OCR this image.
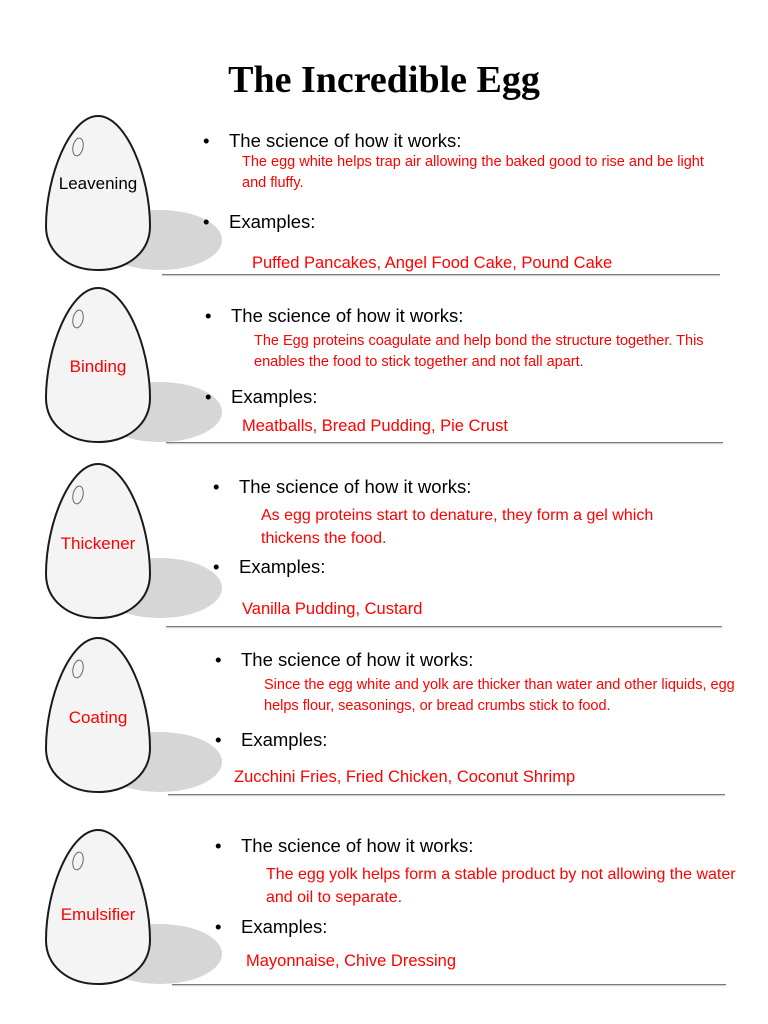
The Incredible Egg
Leavening
• The science of how it works:
The egg white helps trap air allowing the baked good to rise and be light and fluffy.
• Examples:
Puffed Pancakes, Angel Food Cake, Pound Cake
Binding
• The science of how it works:
The Egg proteins coagulate and help bond the structure together. This enables the food to stick together and not fall apart.
• Examples:
Meatballs, Bread Pudding, Pie Crust
Thickener
• The science of how it works:
As egg proteins start to denature, they form a gel which thickens the food.
• Examples:
Vanilla Pudding, Custard
Coating
• The science of how it works:
Since the egg white and yolk are thicker than water and other liquids, egg helps flour, seasonings, or bread crumbs stick to food.
• Examples:
Zucchini Fries, Fried Chicken, Coconut Shrimp
Emulsifier
• The science of how it works:
The egg yolk helps form a stable product by not allowing the water and oil to separate.
• Examples:
Mayonnaise, Chive Dressing
